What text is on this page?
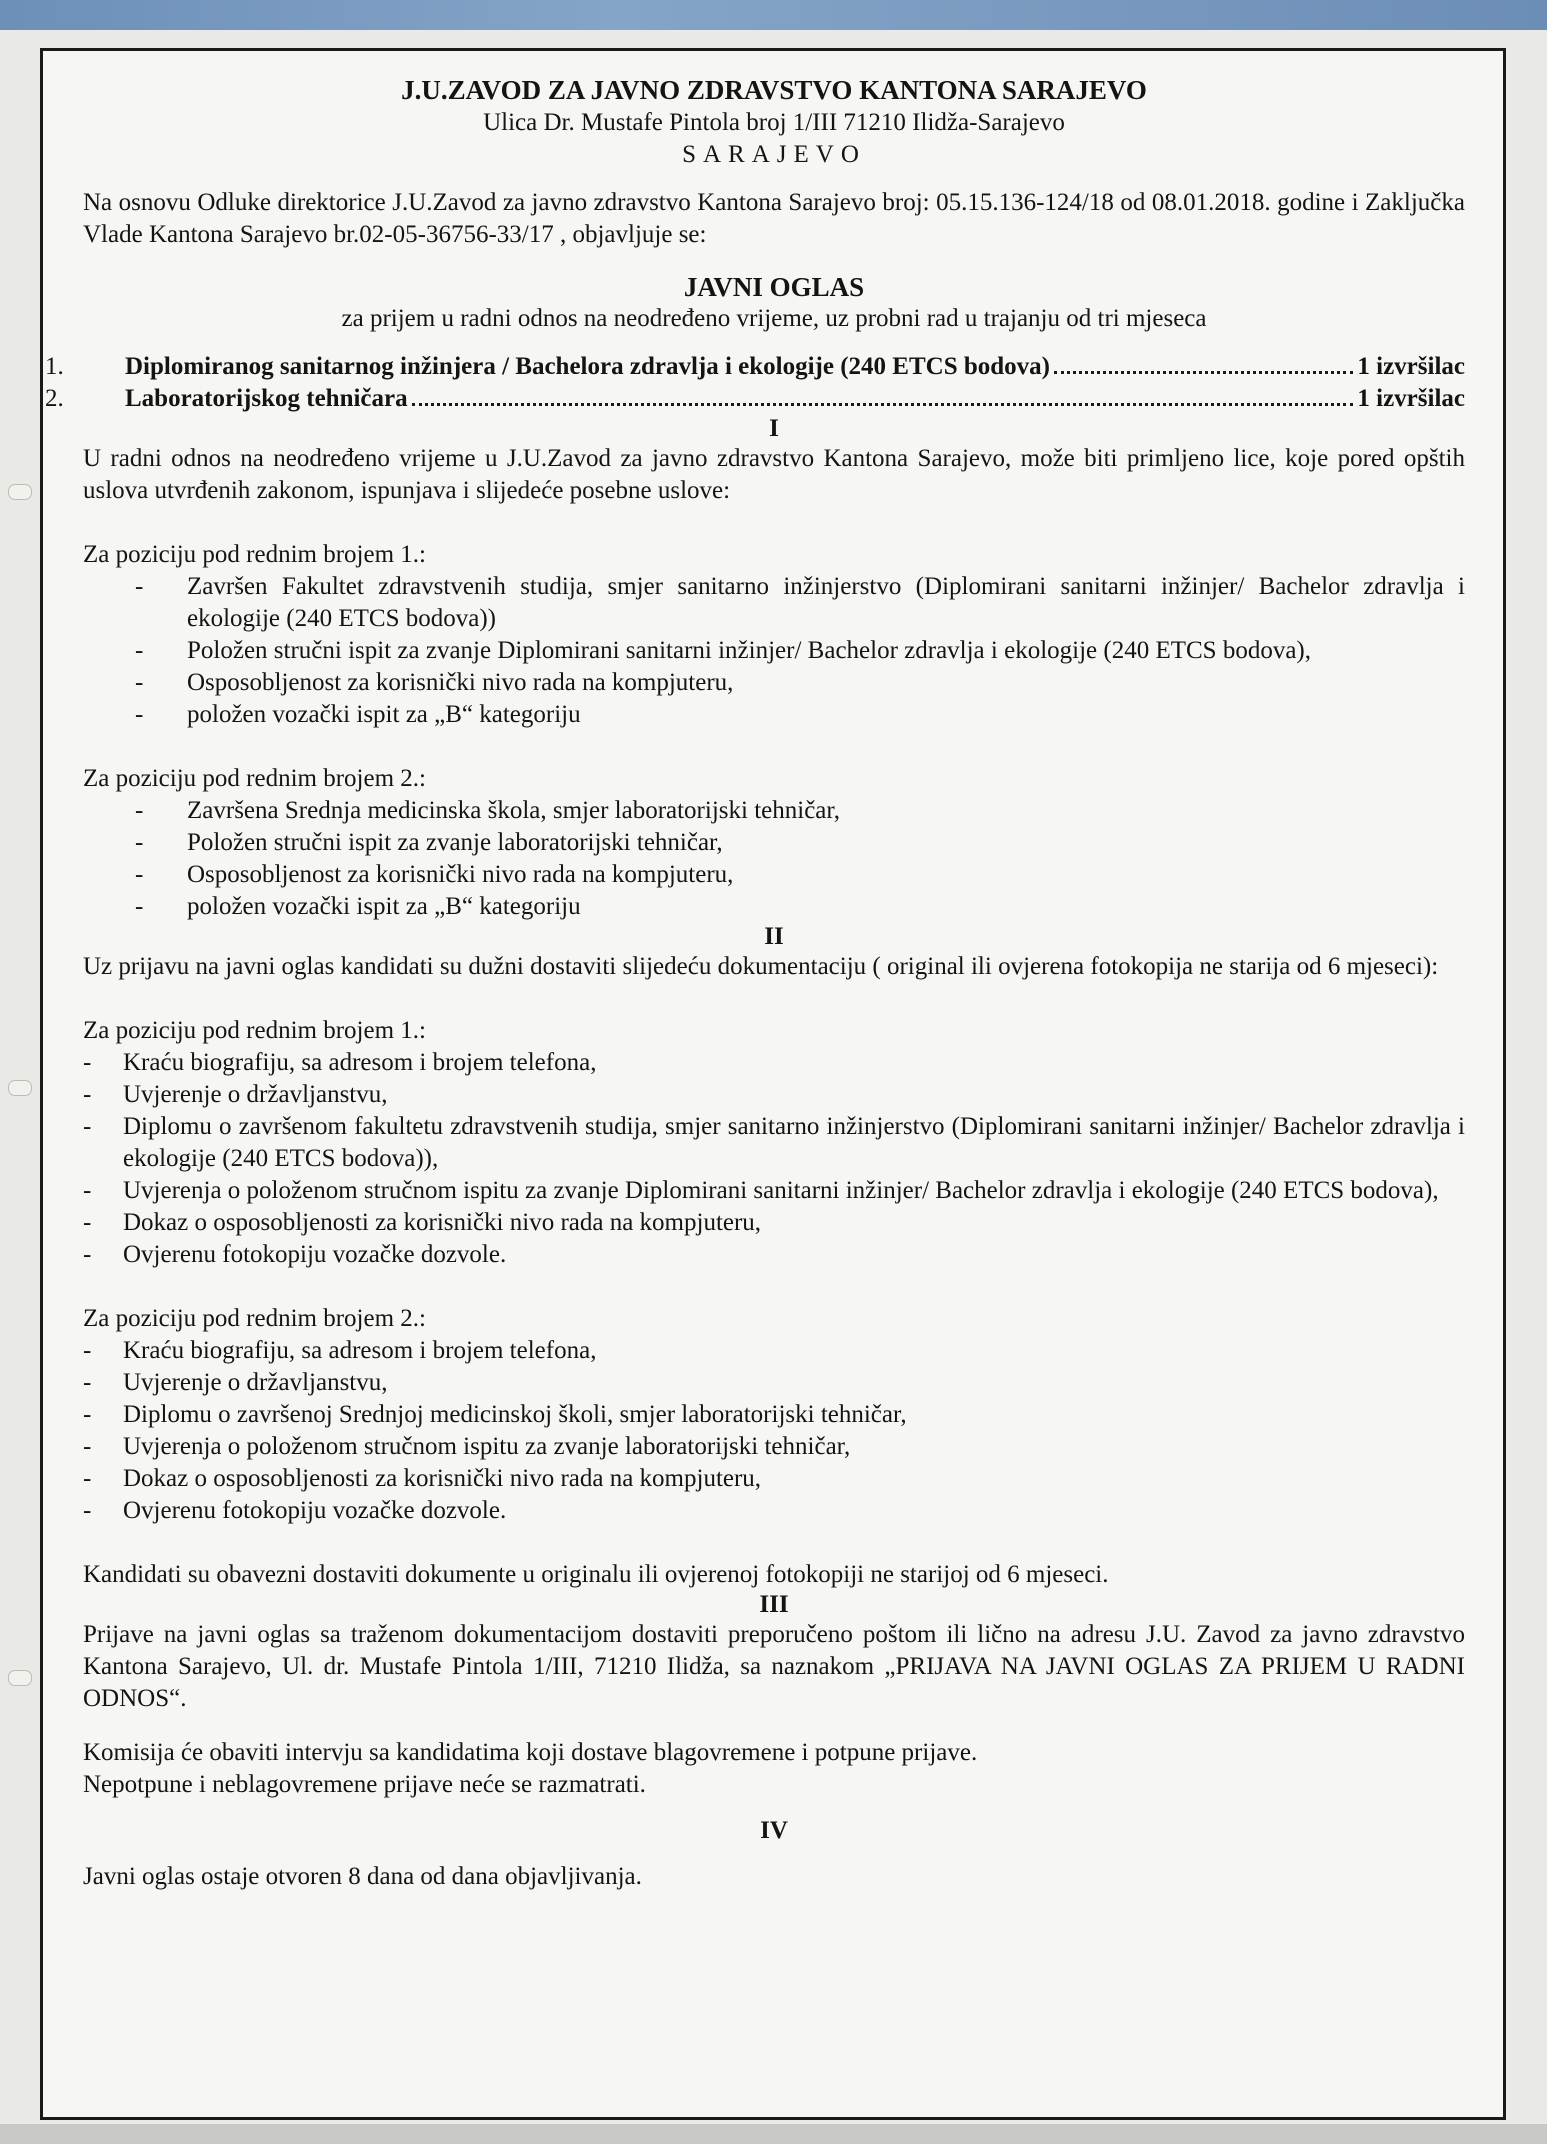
J.U.ZAVOD ZA JAVNO ZDRAVSTVO KANTONA SARAJEVO
Ulica Dr. Mustafe Pintola broj 1/III 71210 Ilidža-Sarajevo
SARAJEVO
Na osnovu Odluke direktorice J.U.Zavod za javno zdravstvo Kantona Sarajevo broj: 05.15.136-124/18 od 08.01.2018. godine i Zaključka Vlade Kantona Sarajevo br.02-05-36756-33/17 , objavljuje se:
JAVNI OGLAS
za prijem u radni odnos na neodređeno vrijeme, uz probni rad u trajanju od tri mjeseca
1.	Diplomiranog sanitarnog inžinjera / Bachelora zdravlja i ekologije (240 ETCS bodova)	1 izvršilac
2.	Laboratorijskog tehničara	1 izvršilac
I
U radni odnos na neodređeno vrijeme u J.U.Zavod za javno zdravstvo Kantona Sarajevo, može biti primljeno lice, koje pored opštih uslova utvrđenih zakonom, ispunjava i slijedeće posebne uslove:
Za poziciju pod rednim brojem 1.:
-	Završen Fakultet zdravstvenih studija, smjer sanitarno inžinjerstvo (Diplomirani sanitarni inžinjer/ Bachelor zdravlja i ekologije (240 ETCS bodova))
-	Položen stručni ispit za zvanje Diplomirani sanitarni inžinjer/ Bachelor zdravlja i ekologije (240 ETCS bodova),
-	Osposobljenost za korisnički nivo rada na kompjuteru,
-	položen vozački ispit za „B“ kategoriju
Za poziciju pod rednim brojem 2.:
-	Završena Srednja medicinska škola, smjer laboratorijski tehničar,
-	Položen stručni ispit za zvanje laboratorijski tehničar,
-	Osposobljenost za korisnički nivo rada na kompjuteru,
-	položen vozački ispit za „B“ kategoriju
II
Uz prijavu na javni oglas kandidati su dužni dostaviti slijedeću dokumentaciju ( original ili ovjerena fotokopija ne starija od 6 mjeseci):
Za poziciju pod rednim brojem 1.:
-	Kraću biografiju, sa adresom i brojem telefona,
-	Uvjerenje o državljanstvu,
-	Diplomu o završenom fakultetu zdravstvenih studija, smjer sanitarno inžinjerstvo (Diplomirani sanitarni inžinjer/ Bachelor zdravlja i ekologije (240 ETCS bodova)),
-	Uvjerenja o položenom stručnom ispitu za zvanje Diplomirani sanitarni inžinjer/ Bachelor zdravlja i ekologije (240 ETCS bodova),
-	Dokaz o osposobljenosti za korisnički nivo rada na kompjuteru,
-	Ovjerenu fotokopiju vozačke dozvole.
Za poziciju pod rednim brojem 2.:
-	Kraću biografiju, sa adresom i brojem telefona,
-	Uvjerenje o državljanstvu,
-	Diplomu o završenoj Srednjoj medicinskoj školi, smjer laboratorijski tehničar,
-	Uvjerenja o položenom stručnom ispitu za zvanje laboratorijski tehničar,
-	Dokaz o osposobljenosti za korisnički nivo rada na kompjuteru,
-	Ovjerenu fotokopiju vozačke dozvole.
Kandidati su obavezni dostaviti dokumente u originalu ili ovjerenoj fotokopiji ne starijoj od 6 mjeseci.
III
Prijave na javni oglas sa traženom dokumentacijom dostaviti preporučeno poštom ili lično na adresu J.U. Zavod za javno zdravstvo Kantona Sarajevo, Ul. dr. Mustafe Pintola 1/III, 71210 Ilidža, sa naznakom „PRIJAVA NA JAVNI OGLAS ZA PRIJEM U RADNI ODNOS“.
Komisija će obaviti intervju sa kandidatima koji dostave blagovremene i potpune prijave.
Nepotpune i neblagovremene prijave neće se razmatrati.
IV
Javni oglas ostaje otvoren 8 dana od dana objavljivanja.
